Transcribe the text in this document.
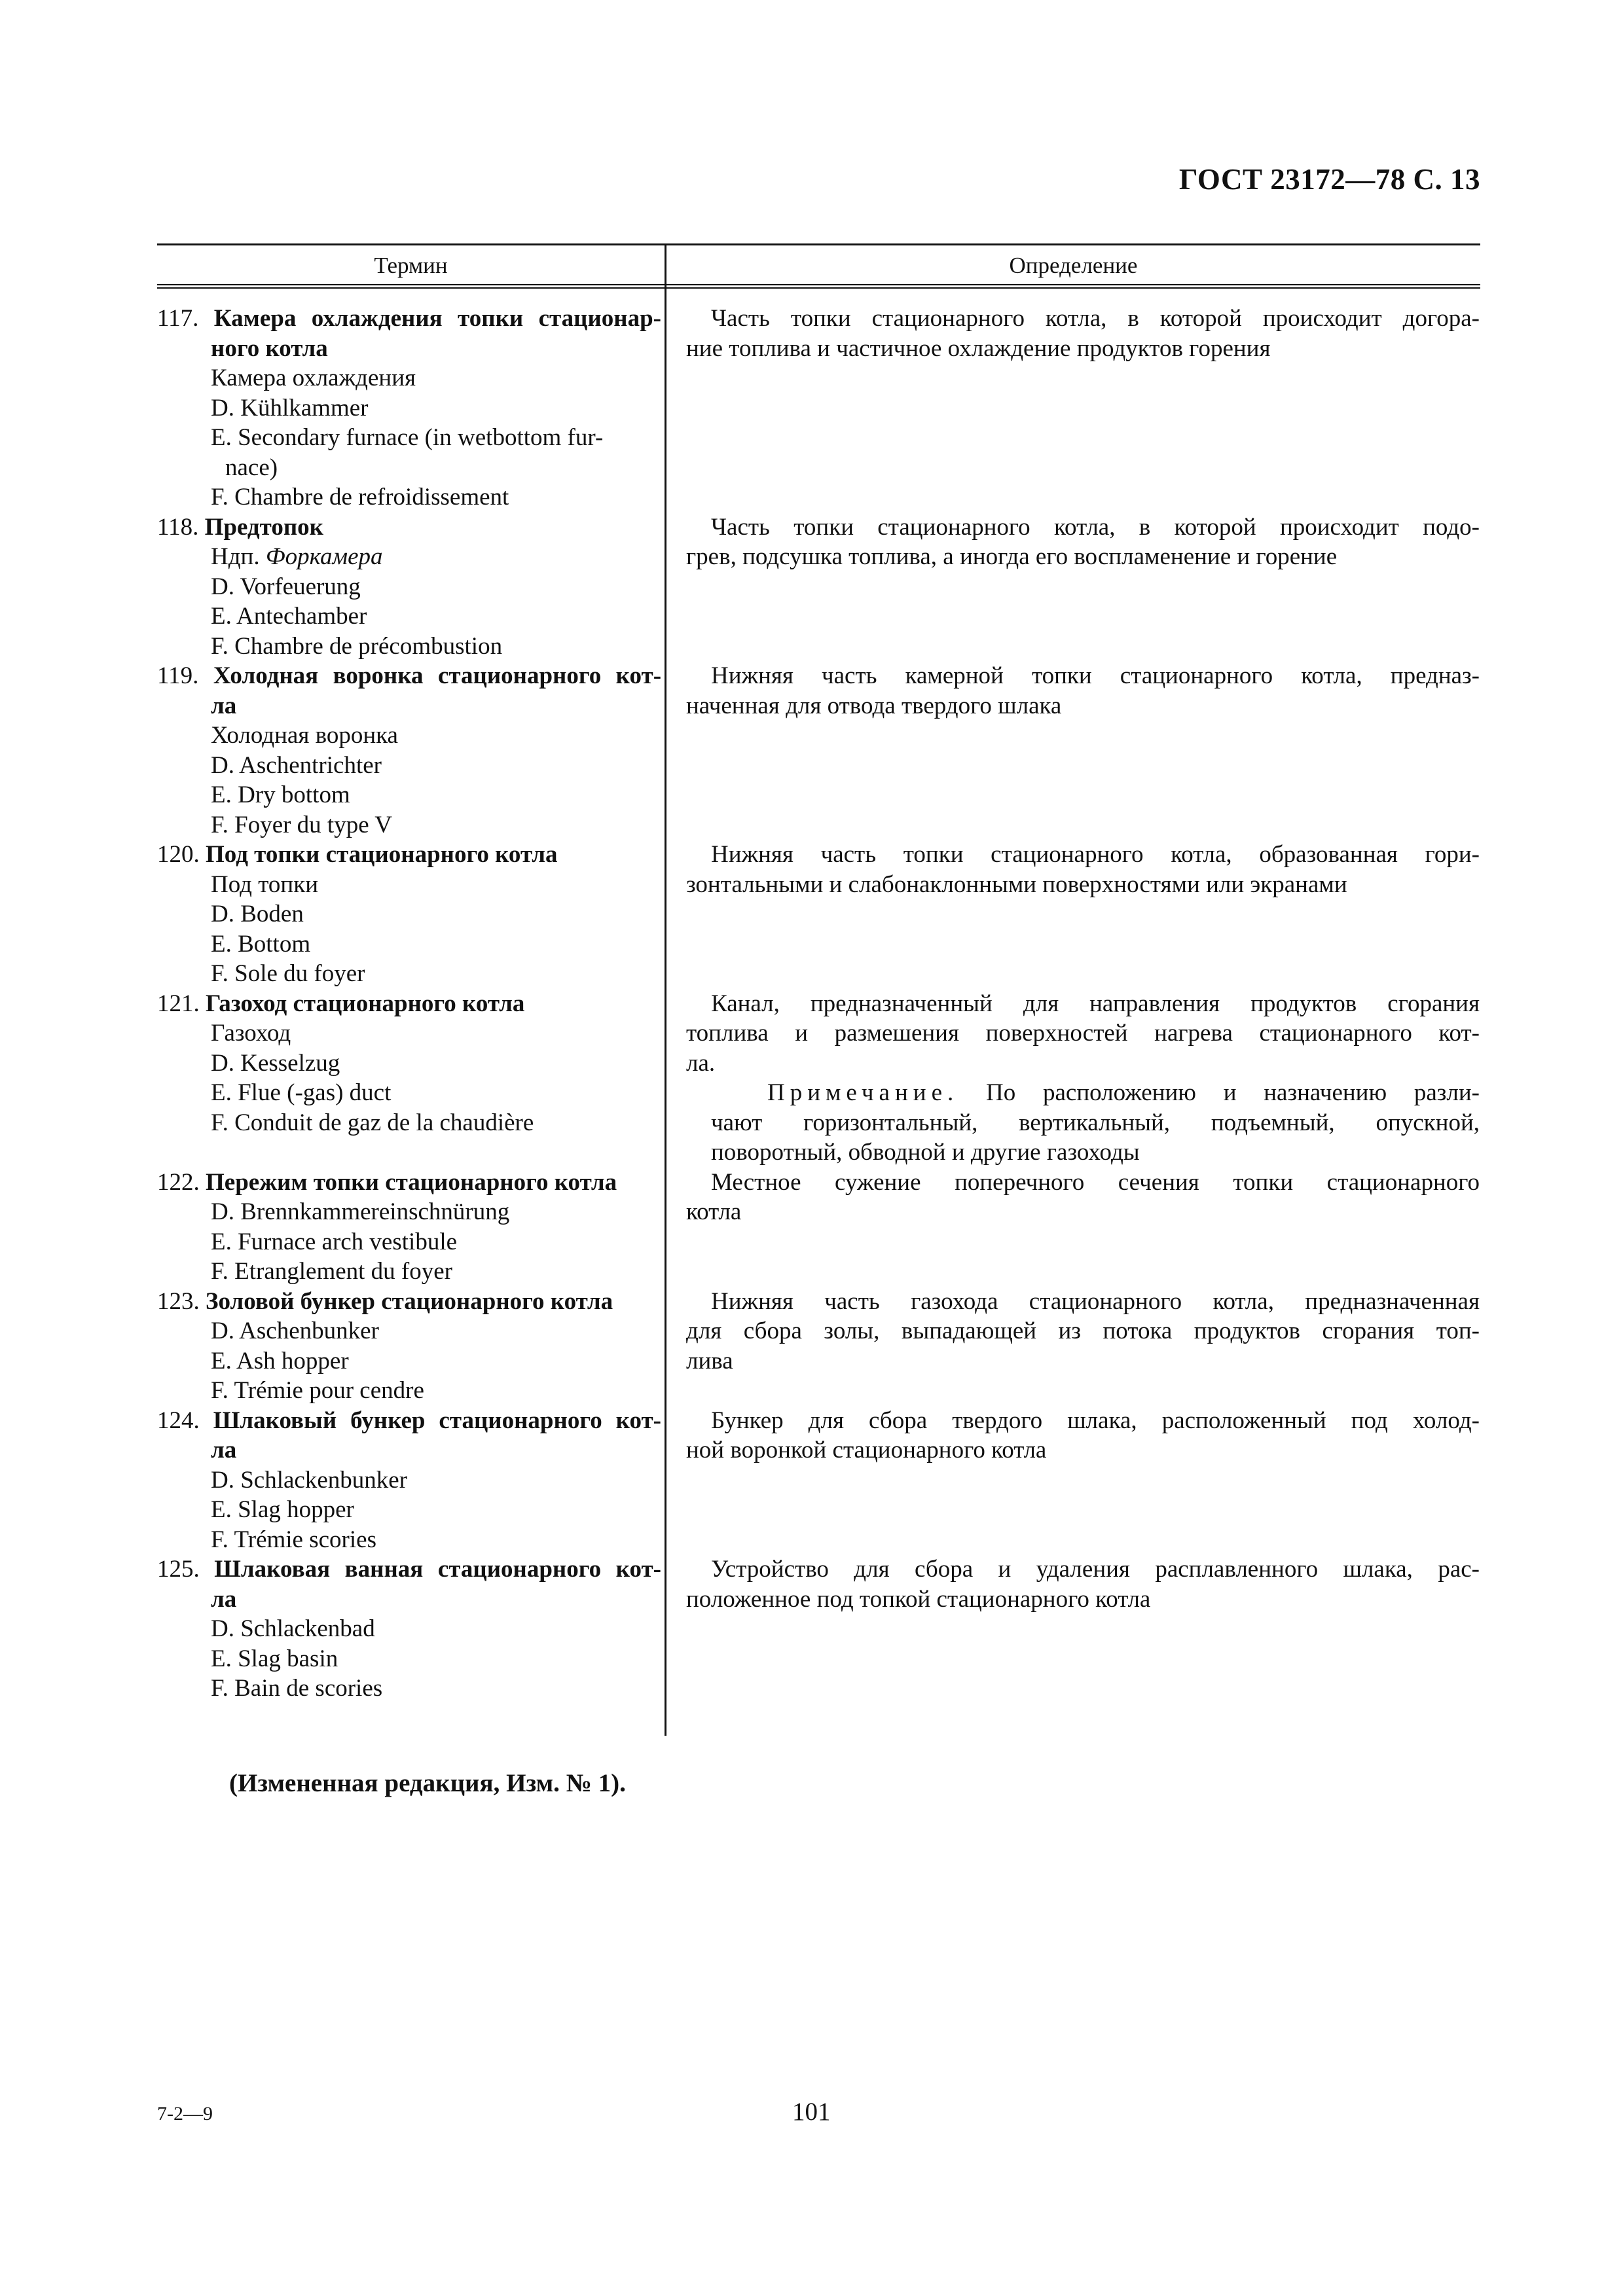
ГОСТ 23172—78 С. 13
Термин	Определение
117. Камера охлаждения топки стационар-
ного котла
Камера охлаждения
D. Kühlkammer
E. Secondary furnace (in wetbottom fur-
nace)
F. Chambre de refroidissement
118. Предтопок
Ндп. Форкамера
D. Vorfeuerung
E. Antechamber
F. Chambre de précombustion
119. Холодная воронка стационарного кот-
ла
Холодная воронка
D. Aschentrichter
E. Dry bottom
F. Foyer du type V
120. Под топки стационарного котла
Под топки
D. Boden
E. Bottom
F. Sole du foyer
121. Газоход стационарного котла
Газоход
D. Kesselzug
E. Flue (-gas) duct
F. Conduit de gaz de la chaudière
122. Пережим топки стационарного котла
D. Brennkammereinschnürung
E. Furnace arch vestibule
F. Etranglement du foyer
123. Золовой бункер стационарного котла
D. Aschenbunker
E. Ash hopper
F. Trémie pour cendre
124. Шлаковый бункер стационарного кот-
ла
D. Schlackenbunker
E. Slag hopper
F. Trémie scories
125. Шлаковая ванная стационарного кот-
ла
D. Schlackenbad
E. Slag basin
F. Bain de scories
Часть топки стационарного котла, в которой происходит догора-
ние топлива и частичное охлаждение продуктов горения
Часть топки стационарного котла, в которой происходит подо-
грев, подсушка топлива, а иногда его воспламенение и горение
Нижняя часть камерной топки стационарного котла, предназ-
наченная для отвода твердого шлака
Нижняя часть топки стационарного котла, образованная гори-
зонтальными и слабонаклонными поверхностями или экранами
Канал, предназначенный для направления продуктов сгорания
топлива и размешения поверхностей нагрева стационарного кот-
ла.
Примечание. По расположению и назначению разли-
чают горизонтальный, вертикальный, подъемный, опускной,
поворотный, обводной и другие газоходы
Местное сужение поперечного сечения топки стационарного
котла
Нижняя часть газохода стационарного котла, предназначенная
для сбора золы, выпадающей из потока продуктов сгорания топ-
лива
Бункер для сбора твердого шлака, расположенный под холод-
ной воронкой стационарного котла
Устройство для сбора и удаления расплавленного шлака, рас-
положенное под топкой стационарного котла
(Измененная редакция, Изм. № 1).
7-2—9	101
